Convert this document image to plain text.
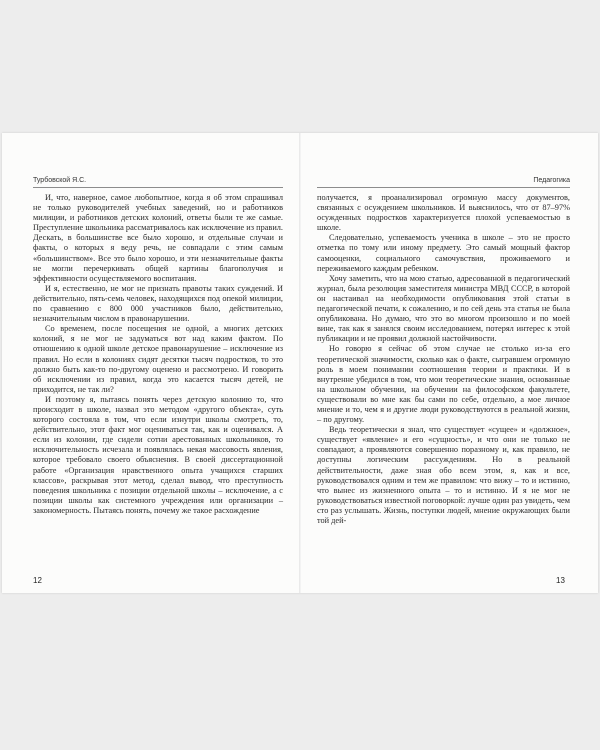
Турбовской Я.С.

И, что, наверное, самое любопытное, когда я об этом спрашивал не только руководителей учебных заведений, но и работников милиции, и работников детских колоний, ответы были те же самые. Преступление школьника рассматривалось как исключение из правил. Дескать, в большинстве все было хорошо, и отдельные случаи и факты, о которых я веду речь, не совпадали с этим самым «большинством». Все это было хорошо, и эти незначительные факты не могли перечеркивать общей картины благополучия и эффективности осуществляемого воспитания.

И я, естественно, не мог не признать правоты таких суждений. И действительно, пять-семь человек, находящихся под опекой милиции, по сравнению с 800 000 участников было, действительно, незначительным числом в правонарушении.

Со временем, после посещения не одной, а многих детских колоний, я не мог не задуматься вот над каким фактом. По отношению к одной школе детское правонарушение – исключение из правил. Но если в колониях сидят десятки тысяч подростков, то это должно быть как-то по-другому оценено и рассмотрено. И говорить об исключении из правил, когда это касается тысяч детей, не приходится, не так ли?

И поэтому я, пытаясь понять через детскую колонию то, что происходит в школе, назвал это методом «другого объекта», суть которого состояла в том, что если изнутри школы смотреть, то, действительно, этот факт мог оцениваться так, как и оценивался. А если из колонии, где сидели сотни арестованных школьников, то исключительность исчезала и появлялась некая массовость явления, которое требовало своего объяснения. В своей диссертационной работе «Организация нравственного опыта учащихся старших классов», раскрывая этот метод, сделал вывод, что преступность поведения школьника с позиции отдельной школы – исключение, а с позиции школы как системного учреждения или организации – закономерность. Пытаясь понять, почему же такое расхождение

12
Педагогика

получается, я проанализировал огромную массу документов, связанных с осуждением школьников. И выяснилось, что от 87–97% осужденных подростков характеризуется плохой успеваемостью в школе.

Следовательно, успеваемость ученика в школе – это не просто отметка по тому или иному предмету. Это самый мощный фактор самооценки, социального самочувствия, проживаемого и переживаемого каждым ребенком.

Хочу заметить, что на мою статью, адресованной в педагогический журнал, была резолюция заместителя министра МВД СССР, в которой он настаивал на необходимости опубликования этой статьи в педагогической печати, к сожалению, и по сей день эта статья не была опубликована. Но думаю, что это во многом произошло и по моей вине, так как я занялся своим исследованием, потерял интерес к этой публикации и не проявил должной настойчивости.

Но говорю я сейчас об этом случае не столько из-за его теоретической значимости, сколько как о факте, сыгравшем огромную роль в моем понимании соотношения теории и практики. И в внутренне убедился в том, что мои теоретические знания, основанные на школьном обучении, на обучении на философском факультете, существовали во мне как бы сами по себе, отдельно, а мое личное мнение и то, чем я и другие люди руководствуются в реальной жизни, – по другому.

Ведь теоретически я знал, что существует «сущее» и «должное», существует «явление» и его «сущность», и что они не только не совпадают, а проявляются совершенно поразному и, как правило, не доступны логическим рассуждениям. Но в реальной действительности, даже зная обо всем этом, я, как и все, руководствовался одним и тем же правилом: что вижу – то и истинно, что вынес из жизненного опыта – то и истинно. И я не мог не руководствоваться известной поговоркой: лучше один раз увидеть, чем сто раз услышать. Жизнь, поступки людей, мнение окружающих были той дей-

13
